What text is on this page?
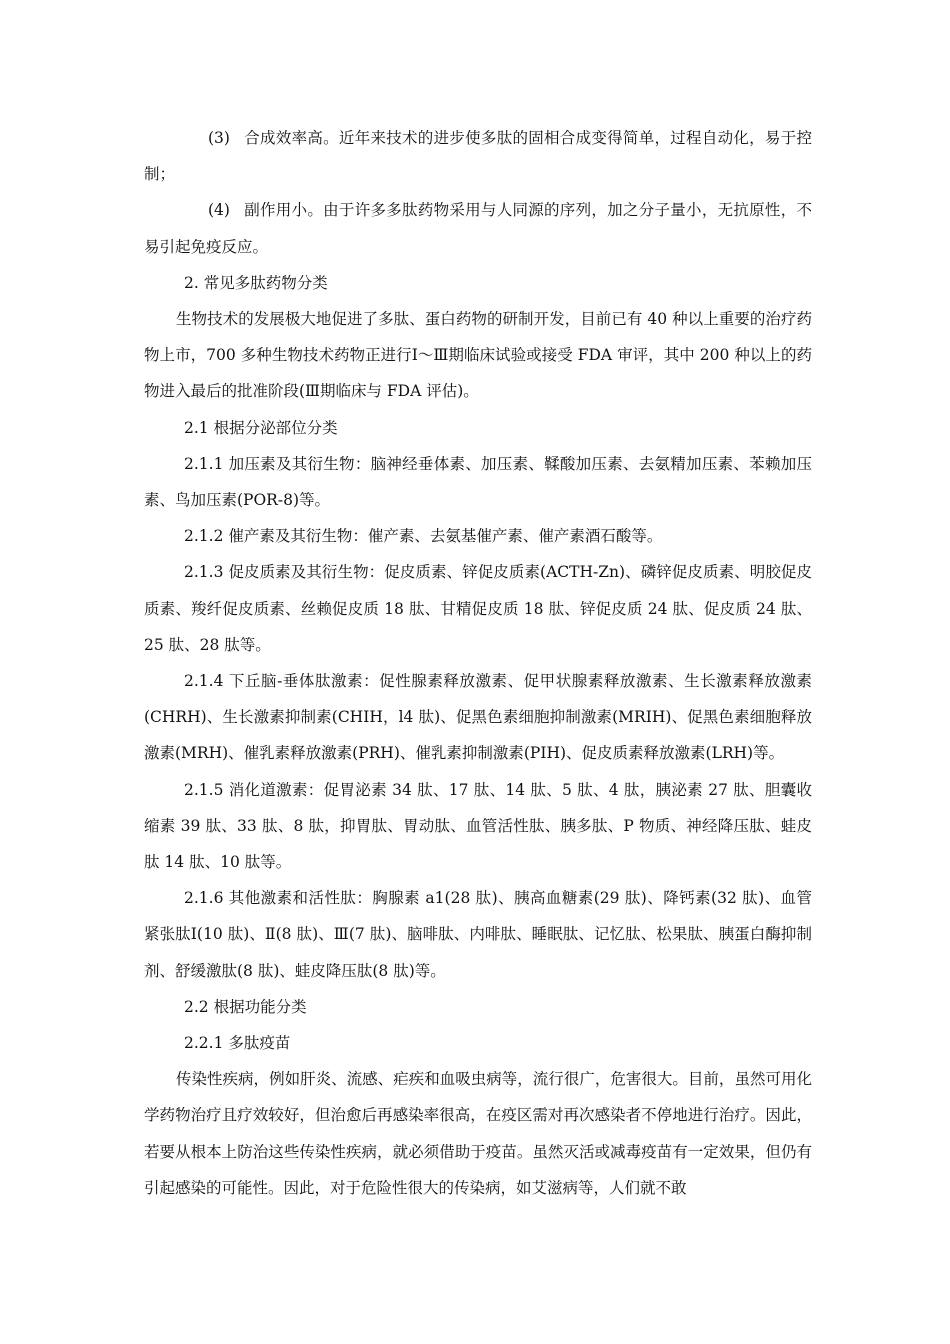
(3) 合成效率高。近年来技术的进步使多肽的固相合成变得简单，过程自动化，易于控制；

(4) 副作用小。由于许多多肽药物采用与人同源的序列，加之分子量小，无抗原性，不易引起免疫反应。

2. 常见多肽药物分类

生物技术的发展极大地促进了多肽、蛋白药物的研制开发，目前已有 40 种以上重要的治疗药物上市，700 多种生物技术药物正进行Ⅰ～Ⅲ期临床试验或接受 FDA 审评，其中 200 种以上的药物进入最后的批准阶段(Ⅲ期临床与 FDA 评估)。

2.1 根据分泌部位分类

2.1.1 加压素及其衍生物：脑神经垂体素、加压素、鞣酸加压素、去氨精加压素、苯赖加压素、鸟加压素(POR-8)等。

2.1.2 催产素及其衍生物：催产素、去氨基催产素、催产素酒石酸等。

2.1.3 促皮质素及其衍生物：促皮质素、锌促皮质素(ACTH-Zn)、磷锌促皮质素、明胶促皮质素、羧纤促皮质素、丝赖促皮质 18 肽、甘精促皮质 18 肽、锌促皮质 24 肽、促皮质 24 肽、25 肽、28 肽等。

2.1.4 下丘脑-垂体肽激素：促性腺素释放激素、促甲状腺素释放激素、生长激素释放激素(CHRH)、生长激素抑制素(CHIH，l4 肽)、促黑色素细胞抑制激素(MRIH)、促黑色素细胞释放激素(MRH)、催乳素释放激素(PRH)、催乳素抑制激素(PIH)、促皮质素释放激素(LRH)等。

2.1.5 消化道激素：促胃泌素 34 肽、17 肽、14 肽、5 肽、4 肽，胰泌素 27 肽、胆囊收缩素 39 肽、33 肽、8 肽，抑胃肽、胃动肽、血管活性肽、胰多肽、P 物质、神经降压肽、蛙皮肽 14 肽、10 肽等。

2.1.6 其他激素和活性肽：胸腺素 a1(28 肽)、胰高血糖素(29 肽)、降钙素(32 肽)、血管紧张肽Ⅰ(10 肽)、Ⅱ(8 肽)、Ⅲ(7 肽)、脑啡肽、内啡肽、睡眠肽、记忆肽、松果肽、胰蛋白酶抑制剂、舒缓激肽(8 肽)、蛙皮降压肽(8 肽)等。

2.2 根据功能分类

2.2.1 多肽疫苗

传染性疾病，例如肝炎、流感、疟疾和血吸虫病等，流行很广，危害很大。目前，虽然可用化学药物治疗且疗效较好，但治愈后再感染率很高，在疫区需对再次感染者不停地进行治疗。因此，若要从根本上防治这些传染性疾病，就必须借助于疫苗。虽然灭活或减毒疫苗有一定效果，但仍有引起感染的可能性。因此，对于危险性很大的传染病，如艾滋病等，人们就不敢
